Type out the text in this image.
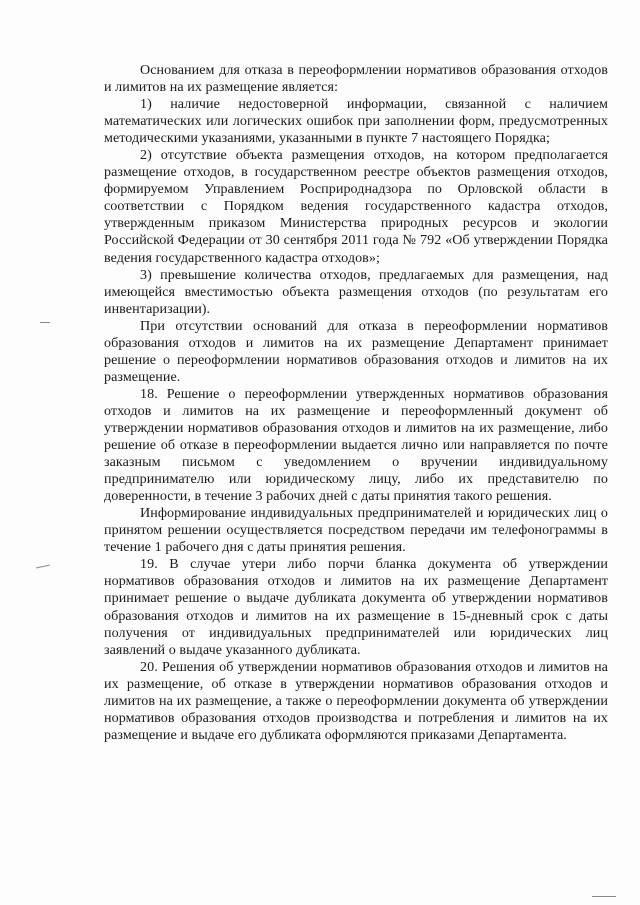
Основанием для отказа в переоформлении нормативов образования отходов и лимитов на их размещение является:

1) наличие недостоверной информации, связанной с наличием математических или логических ошибок при заполнении форм, предусмотренных методическими указаниями, указанными в пункте 7 настоящего Порядка;

2) отсутствие объекта размещения отходов, на котором предполагается размещение отходов, в государственном реестре объектов размещения отходов, формируемом Управлением Росприроднадзора по Орловской области в соответствии с Порядком ведения государственного кадастра отходов, утвержденным приказом Министерства природных ресурсов и экологии Российской Федерации от 30 сентября 2011 года № 792 «Об утверждении Порядка ведения государственного кадастра отходов»;

3) превышение количества отходов, предлагаемых для размещения, над имеющейся вместимостью объекта размещения отходов (по результатам его инвентаризации).

При отсутствии оснований для отказа в переоформлении нормативов образования отходов и лимитов на их размещение Департамент принимает решение о переоформлении нормативов образования отходов и лимитов на их размещение.

18. Решение о переоформлении утвержденных нормативов образования отходов и лимитов на их размещение и переоформленный документ об утверждении нормативов образования отходов и лимитов на их размещение, либо решение об отказе в переоформлении выдается лично или направляется по почте заказным письмом с уведомлением о вручении индивидуальному предпринимателю или юридическому лицу, либо их представителю по доверенности, в течение 3 рабочих дней с даты принятия такого решения.

Информирование индивидуальных предпринимателей и юридических лиц о принятом решении осуществляется посредством передачи им телефонограммы в течение 1 рабочего дня с даты принятия решения.

19. В случае утери либо порчи бланка документа об утверждении нормативов образования отходов и лимитов на их размещение Департамент принимает решение о выдаче дубликата документа об утверждении нормативов образования отходов и лимитов на их размещение в 15-дневный срок с даты получения от индивидуальных предпринимателей или юридических лиц заявлений о выдаче указанного дубликата.

20. Решения об утверждении нормативов образования отходов и лимитов на их размещение, об отказе в утверждении нормативов образования отходов и лимитов на их размещение, а также о переоформлении документа об утверждении нормативов образования отходов производства и потребления и лимитов на их размещение и выдаче его дубликата оформляются приказами Департамента.
